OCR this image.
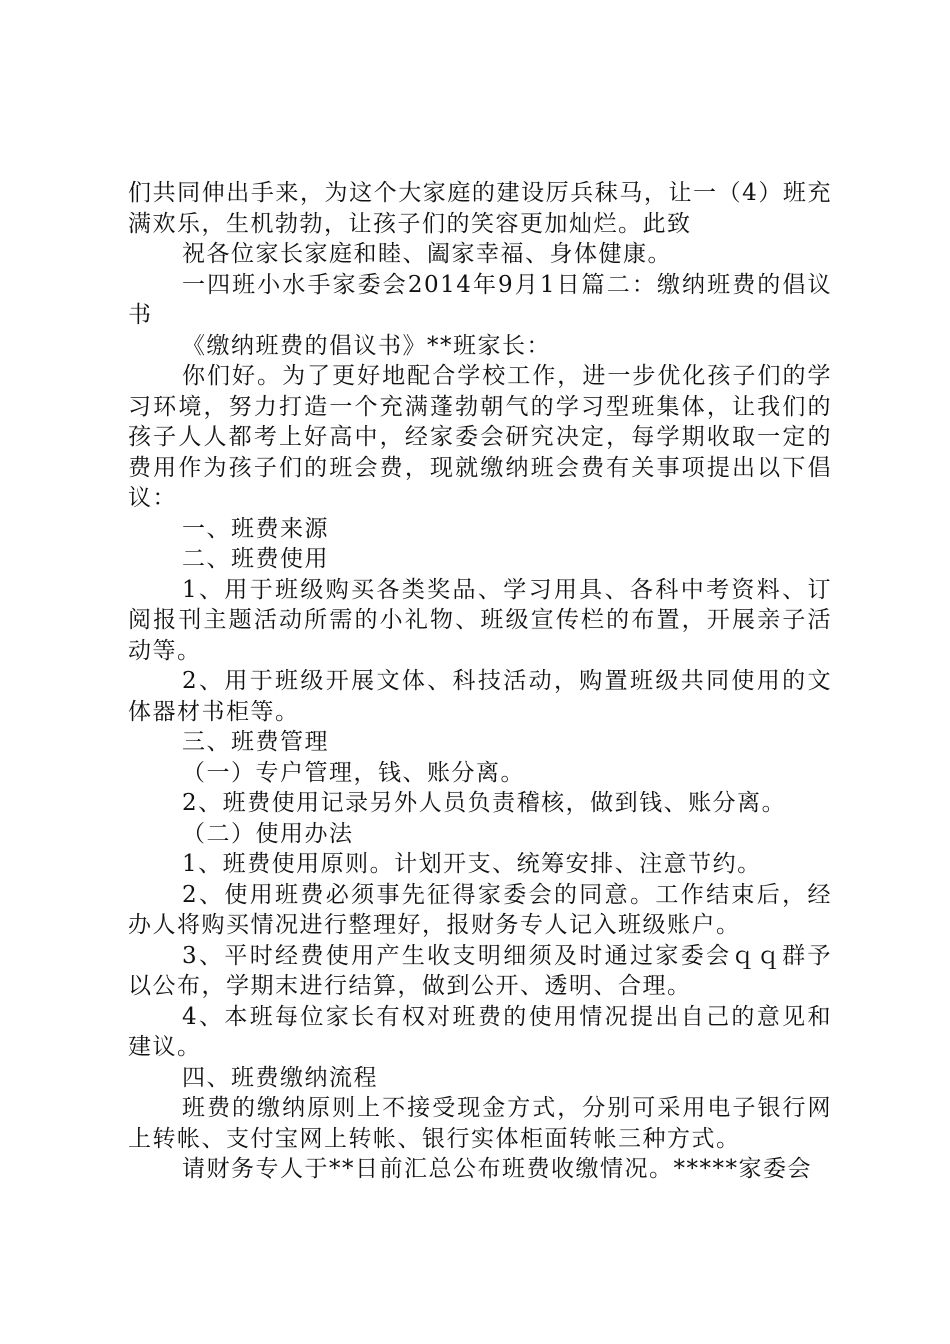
们共同伸出手来，为这个大家庭的建设厉兵秣马，让一（4）班充满欢乐，生机勃勃，让孩子们的笑容更加灿烂。此致

祝各位家长家庭和睦、阖家幸福、身体健康。

一四班小水手家委会2014年9月1日篇二：缴纳班费的倡议书

《缴纳班费的倡议书》**班家长：

你们好。为了更好地配合学校工作，进一步优化孩子们的学习环境，努力打造一个充满蓬勃朝气的学习型班集体，让我们的孩子人人都考上好高中，经家委会研究决定，每学期收取一定的费用作为孩子们的班会费，现就缴纳班会费有关事项提出以下倡议：

一、班费来源

二、班费使用

1、用于班级购买各类奖品、学习用具、各科中考资料、订阅报刊主题活动所需的小礼物、班级宣传栏的布置，开展亲子活动等。

2、用于班级开展文体、科技活动，购置班级共同使用的文体器材书柜等。

三、班费管理

（一）专户管理，钱、账分离。

2、班费使用记录另外人员负责稽核，做到钱、账分离。

（二）使用办法

1、班费使用原则。计划开支、统筹安排、注意节约。

2、使用班费必须事先征得家委会的同意。工作结束后，经办人将购买情况进行整理好，报财务专人记入班级账户。

3、平时经费使用产生收支明细须及时通过家委会ｑｑ群予以公布，学期末进行结算，做到公开、透明、合理。

4、本班每位家长有权对班费的使用情况提出自己的意见和建议。

四、班费缴纳流程

班费的缴纳原则上不接受现金方式，分别可采用电子银行网上转帐、支付宝网上转帐、银行实体柜面转帐三种方式。

请财务专人于**日前汇总公布班费收缴情况。*****家委会
